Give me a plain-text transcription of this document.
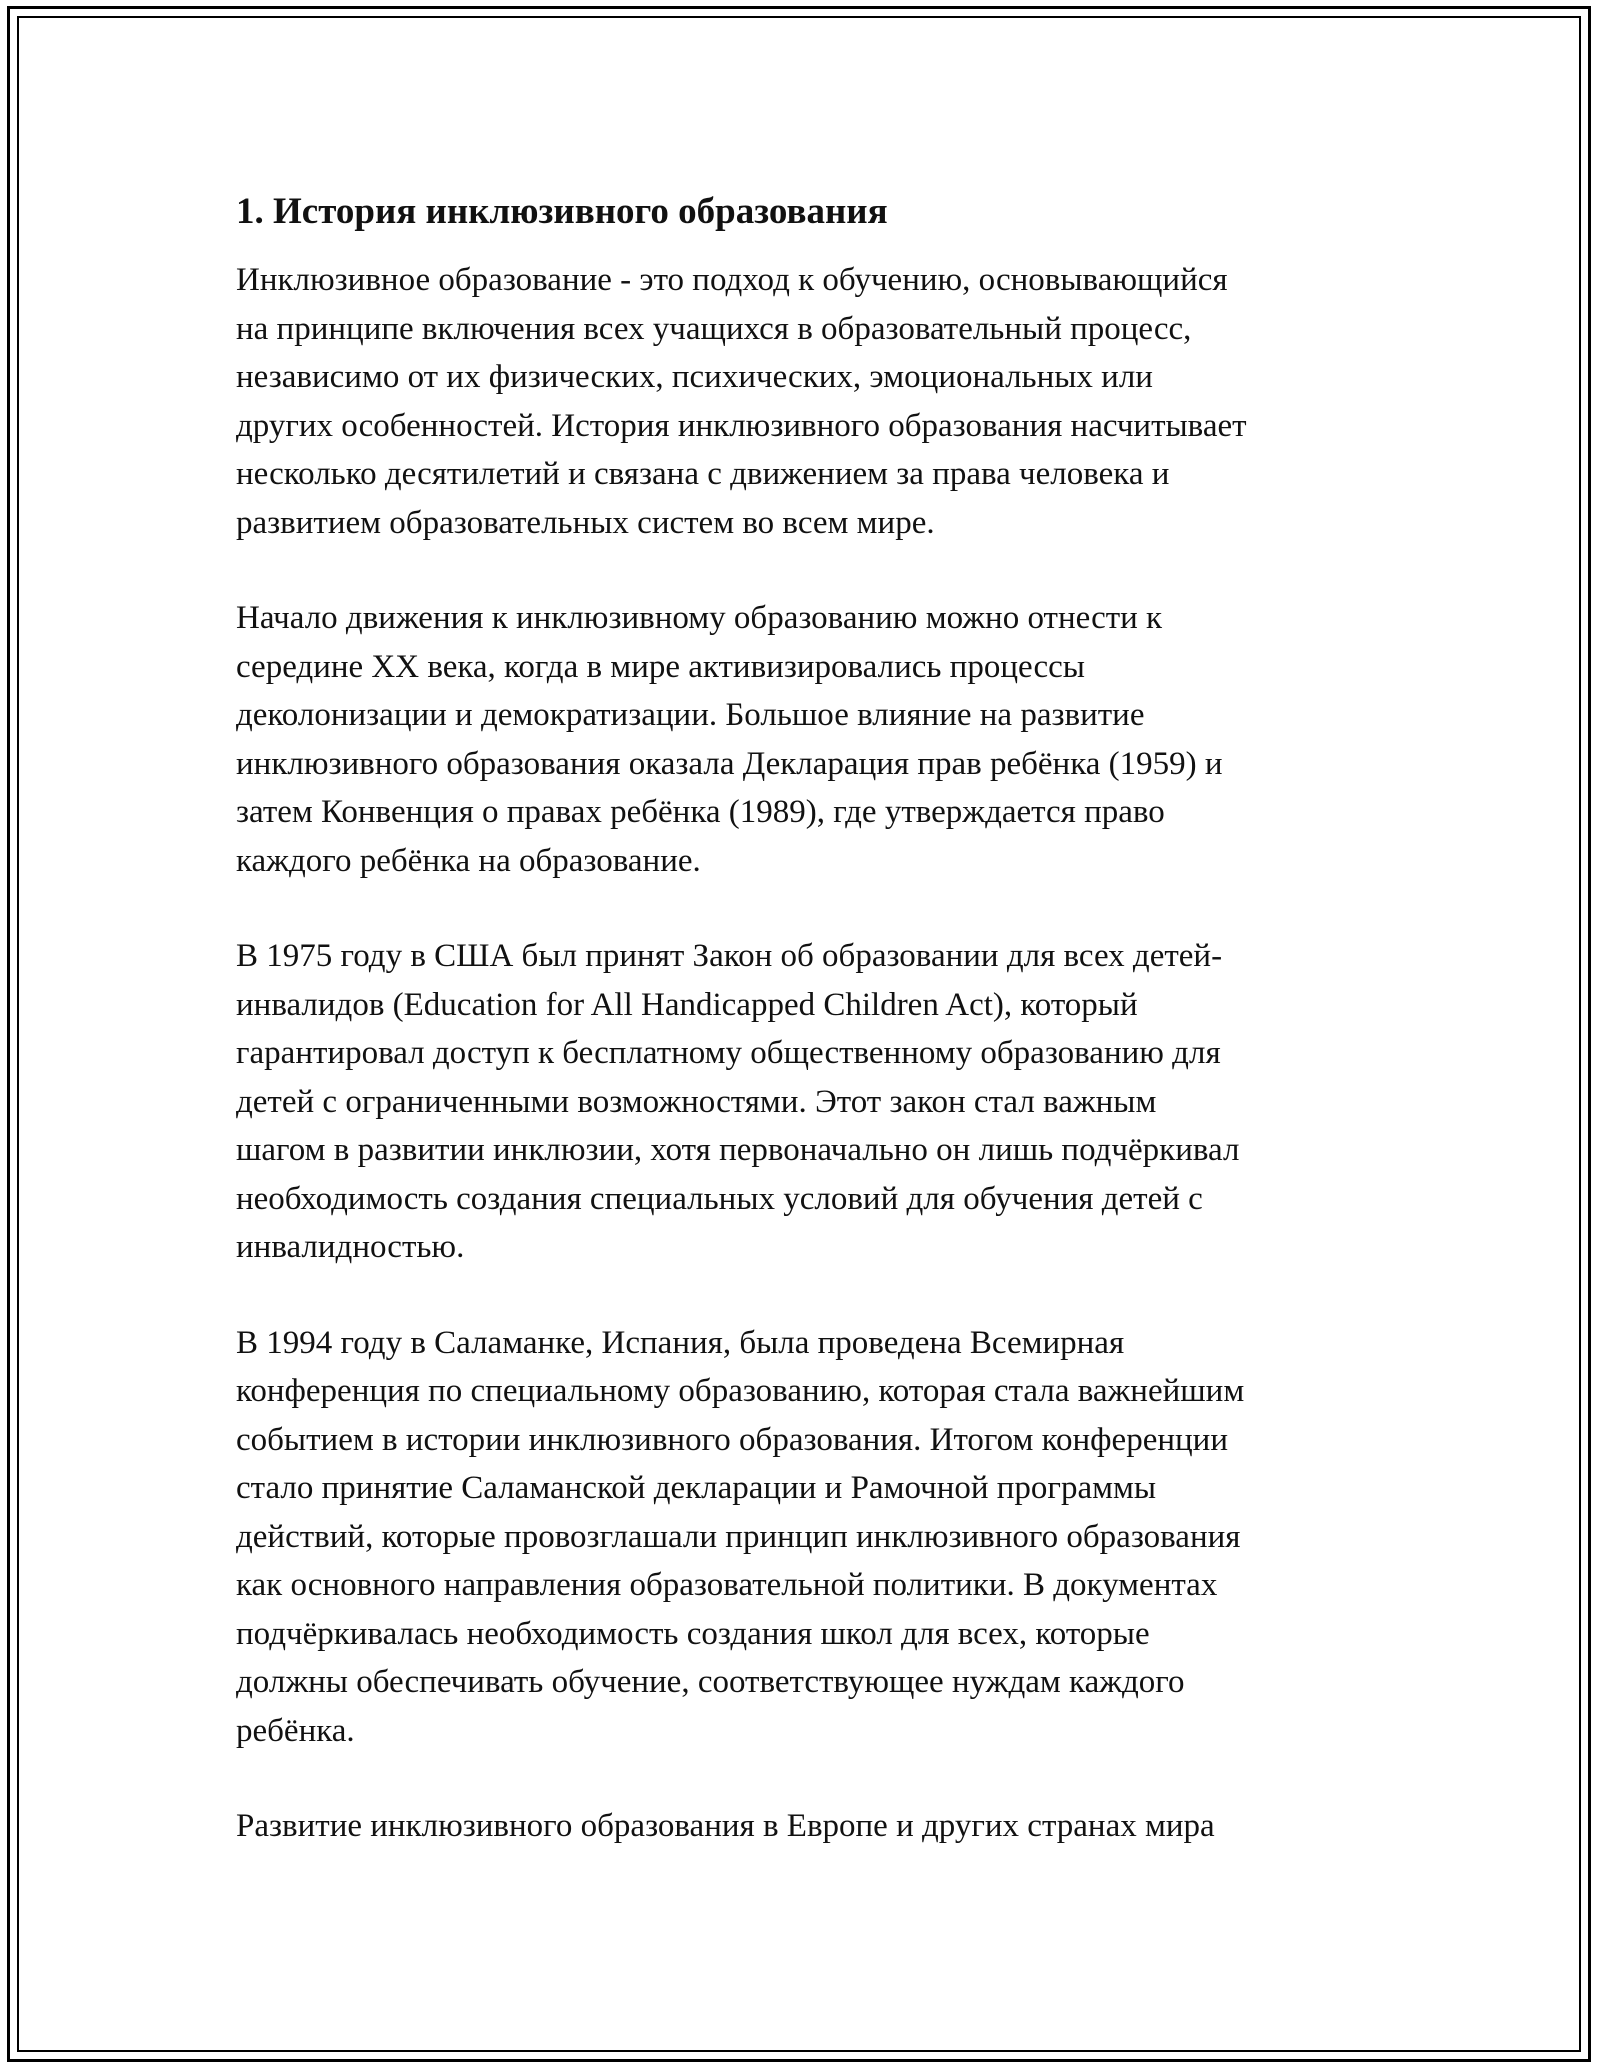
1. История инклюзивного образования
Инклюзивное образование - это подход к обучению, основывающийся
на принципе включения всех учащихся в образовательный процесс,
независимо от их физических, психических, эмоциональных или
других особенностей. История инклюзивного образования насчитывает
несколько десятилетий и связана с движением за права человека и
развитием образовательных систем во всем мире.
Начало движения к инклюзивному образованию можно отнести к
середине XX века, когда в мире активизировались процессы
деколонизации и демократизации. Большое влияние на развитие
инклюзивного образования оказала Декларация прав ребёнка (1959) и
затем Конвенция о правах ребёнка (1989), где утверждается право
каждого ребёнка на образование.
В 1975 году в США был принят Закон об образовании для всех детей-
инвалидов (Education for All Handicapped Children Act), который
гарантировал доступ к бесплатному общественному образованию для
детей с ограниченными возможностями. Этот закон стал важным
шагом в развитии инклюзии, хотя первоначально он лишь подчёркивал
необходимость создания специальных условий для обучения детей с
инвалидностью.
В 1994 году в Саламанке, Испания, была проведена Всемирная
конференция по специальному образованию, которая стала важнейшим
событием в истории инклюзивного образования. Итогом конференции
стало принятие Саламанской декларации и Рамочной программы
действий, которые провозглашали принцип инклюзивного образования
как основного направления образовательной политики. В документах
подчёркивалась необходимость создания школ для всех, которые
должны обеспечивать обучение, соответствующее нуждам каждого
ребёнка.
Развитие инклюзивного образования в Европе и других странах мира
